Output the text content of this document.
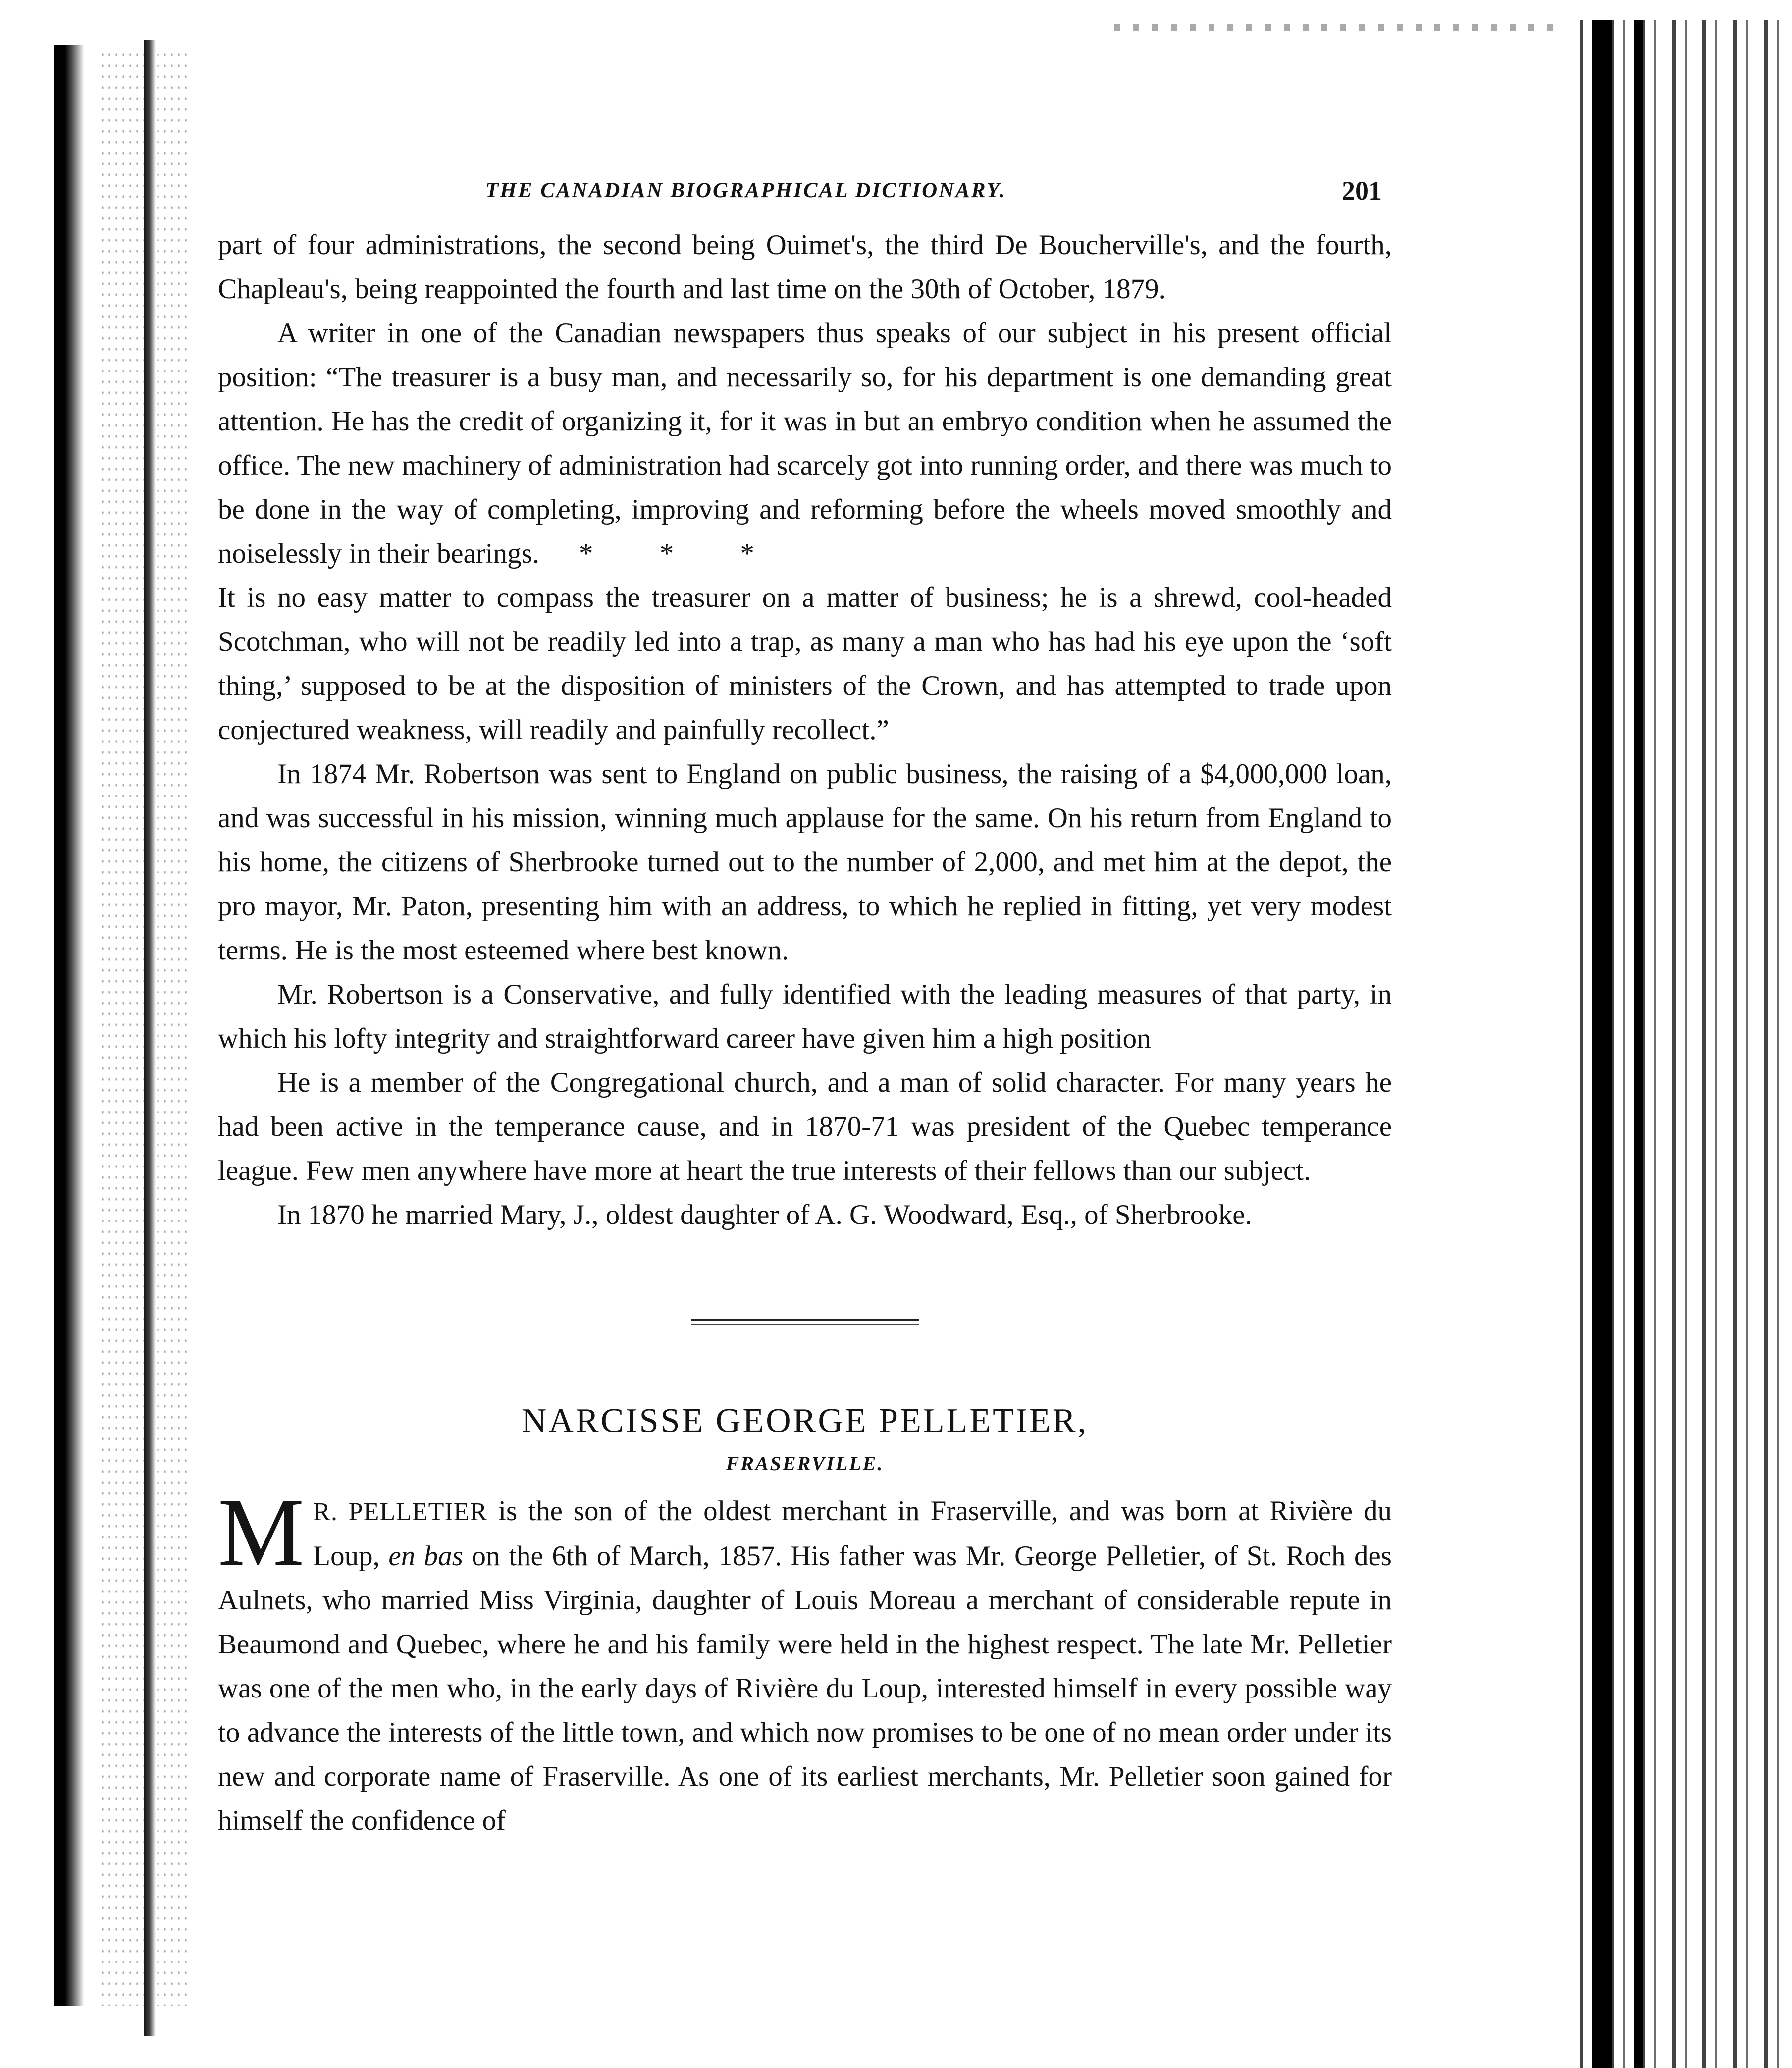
THE CANADIAN BIOGRAPHICAL DICTIONARY.	201

part of four administrations, the second being Ouimet's, the third De Boucherville's, and the fourth, Chapleau's, being reappointed the fourth and last time on the 30th of October, 1879.

A writer in one of the Canadian newspapers thus speaks of our subject in his present official position: “The treasurer is a busy man, and necessarily so, for his department is one demanding great attention. He has the credit of organizing it, for it was in but an embryo condition when he assumed the office. The new machinery of administration had scarcely got into running order, and there was much to be done in the way of completing, improving and reforming before the wheels moved smoothly and noiselessly in their bearings. * * *

It is no easy matter to compass the treasurer on a matter of business; he is a shrewd, cool-headed Scotchman, who will not be readily led into a trap, as many a man who has had his eye upon the ‘soft thing,’ supposed to be at the disposition of ministers of the Crown, and has attempted to trade upon conjectured weakness, will readily and painfully recollect.”

In 1874 Mr. Robertson was sent to England on public business, the raising of a $4,000,000 loan, and was successful in his mission, winning much applause for the same. On his return from England to his home, the citizens of Sherbrooke turned out to the number of 2,000, and met him at the depot, the pro mayor, Mr. Paton, presenting him with an address, to which he replied in fitting, yet very modest terms. He is the most esteemed where best known.

Mr. Robertson is a Conservative, and fully identified with the leading measures of that party, in which his lofty integrity and straightforward career have given him a high position

He is a member of the Congregational church, and a man of solid character. For many years he had been active in the temperance cause, and in 1870-71 was president of the Quebec temperance league. Few men anywhere have more at heart the true interests of their fellows than our subject.

In 1870 he married Mary, J., oldest daughter of A. G. Woodward, Esq., of Sherbrooke.

NARCISSE GEORGE PELLETIER,
FRASERVILLE.

M R. PELLETIER is the son of the oldest merchant in Fraserville, and was born at Rivière du Loup, en bas on the 6th of March, 1857. His father was Mr. George Pelletier, of St. Roch des Aulnets, who married Miss Virginia, daughter of Louis Moreau a merchant of considerable repute in Beaumond and Quebec, where he and his family were held in the highest respect. The late Mr. Pelletier was one of the men who, in the early days of Rivière du Loup, interested himself in every possible way to advance the interests of the little town, and which now promises to be one of no mean order under its new and corporate name of Fraserville. As one of its earliest merchants, Mr. Pelletier soon gained for himself the confidence of
